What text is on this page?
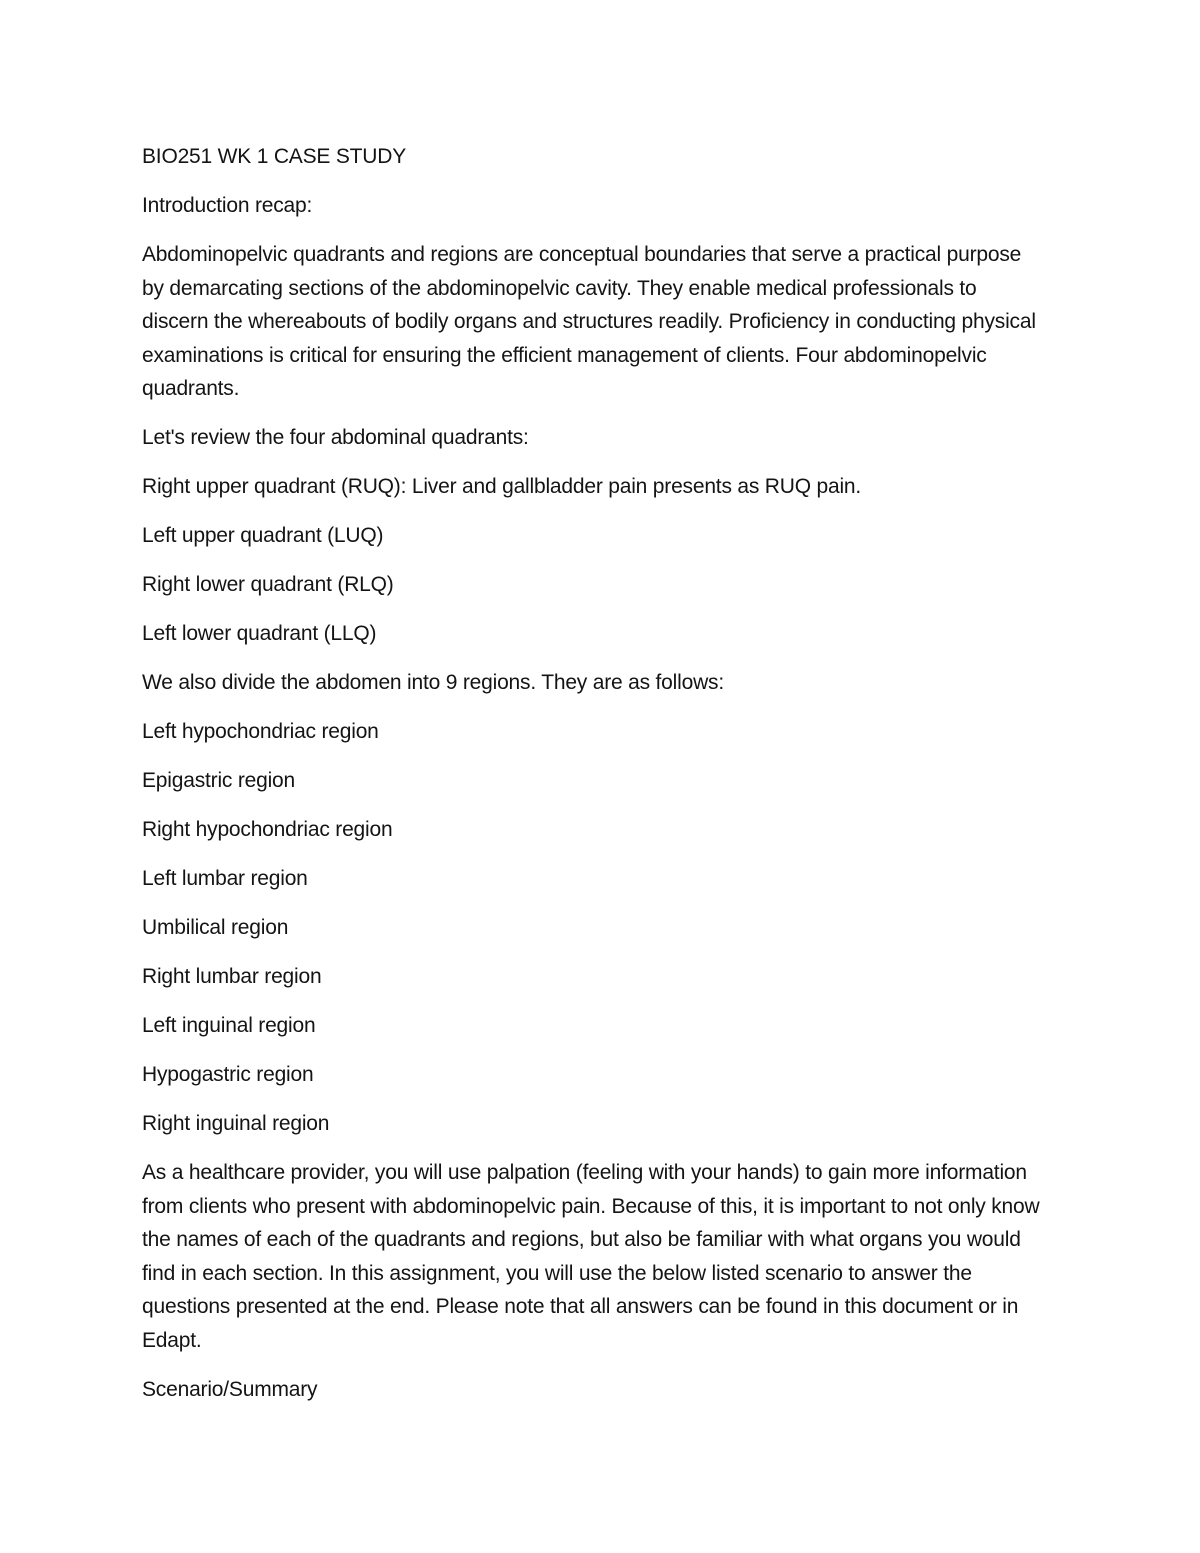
BIO251 WK 1 CASE STUDY

Introduction recap:

Abdominopelvic quadrants and regions are conceptual boundaries that serve a practical purpose by demarcating sections of the abdominopelvic cavity. They enable medical professionals to discern the whereabouts of bodily organs and structures readily. Proficiency in conducting physical examinations is critical for ensuring the efficient management of clients. Four abdominopelvic quadrants.

Let's review the four abdominal quadrants:

Right upper quadrant (RUQ): Liver and gallbladder pain presents as RUQ pain.

Left upper quadrant (LUQ)

Right lower quadrant (RLQ)

Left lower quadrant (LLQ)

We also divide the abdomen into 9 regions. They are as follows:

Left hypochondriac region

Epigastric region

Right hypochondriac region

Left lumbar region

Umbilical region

Right lumbar region

Left inguinal region

Hypogastric region

Right inguinal region

As a healthcare provider, you will use palpation (feeling with your hands) to gain more information from clients who present with abdominopelvic pain. Because of this, it is important to not only know the names of each of the quadrants and regions, but also be familiar with what organs you would find in each section. In this assignment, you will use the below listed scenario to answer the questions presented at the end. Please note that all answers can be found in this document or in Edapt.

Scenario/Summary
